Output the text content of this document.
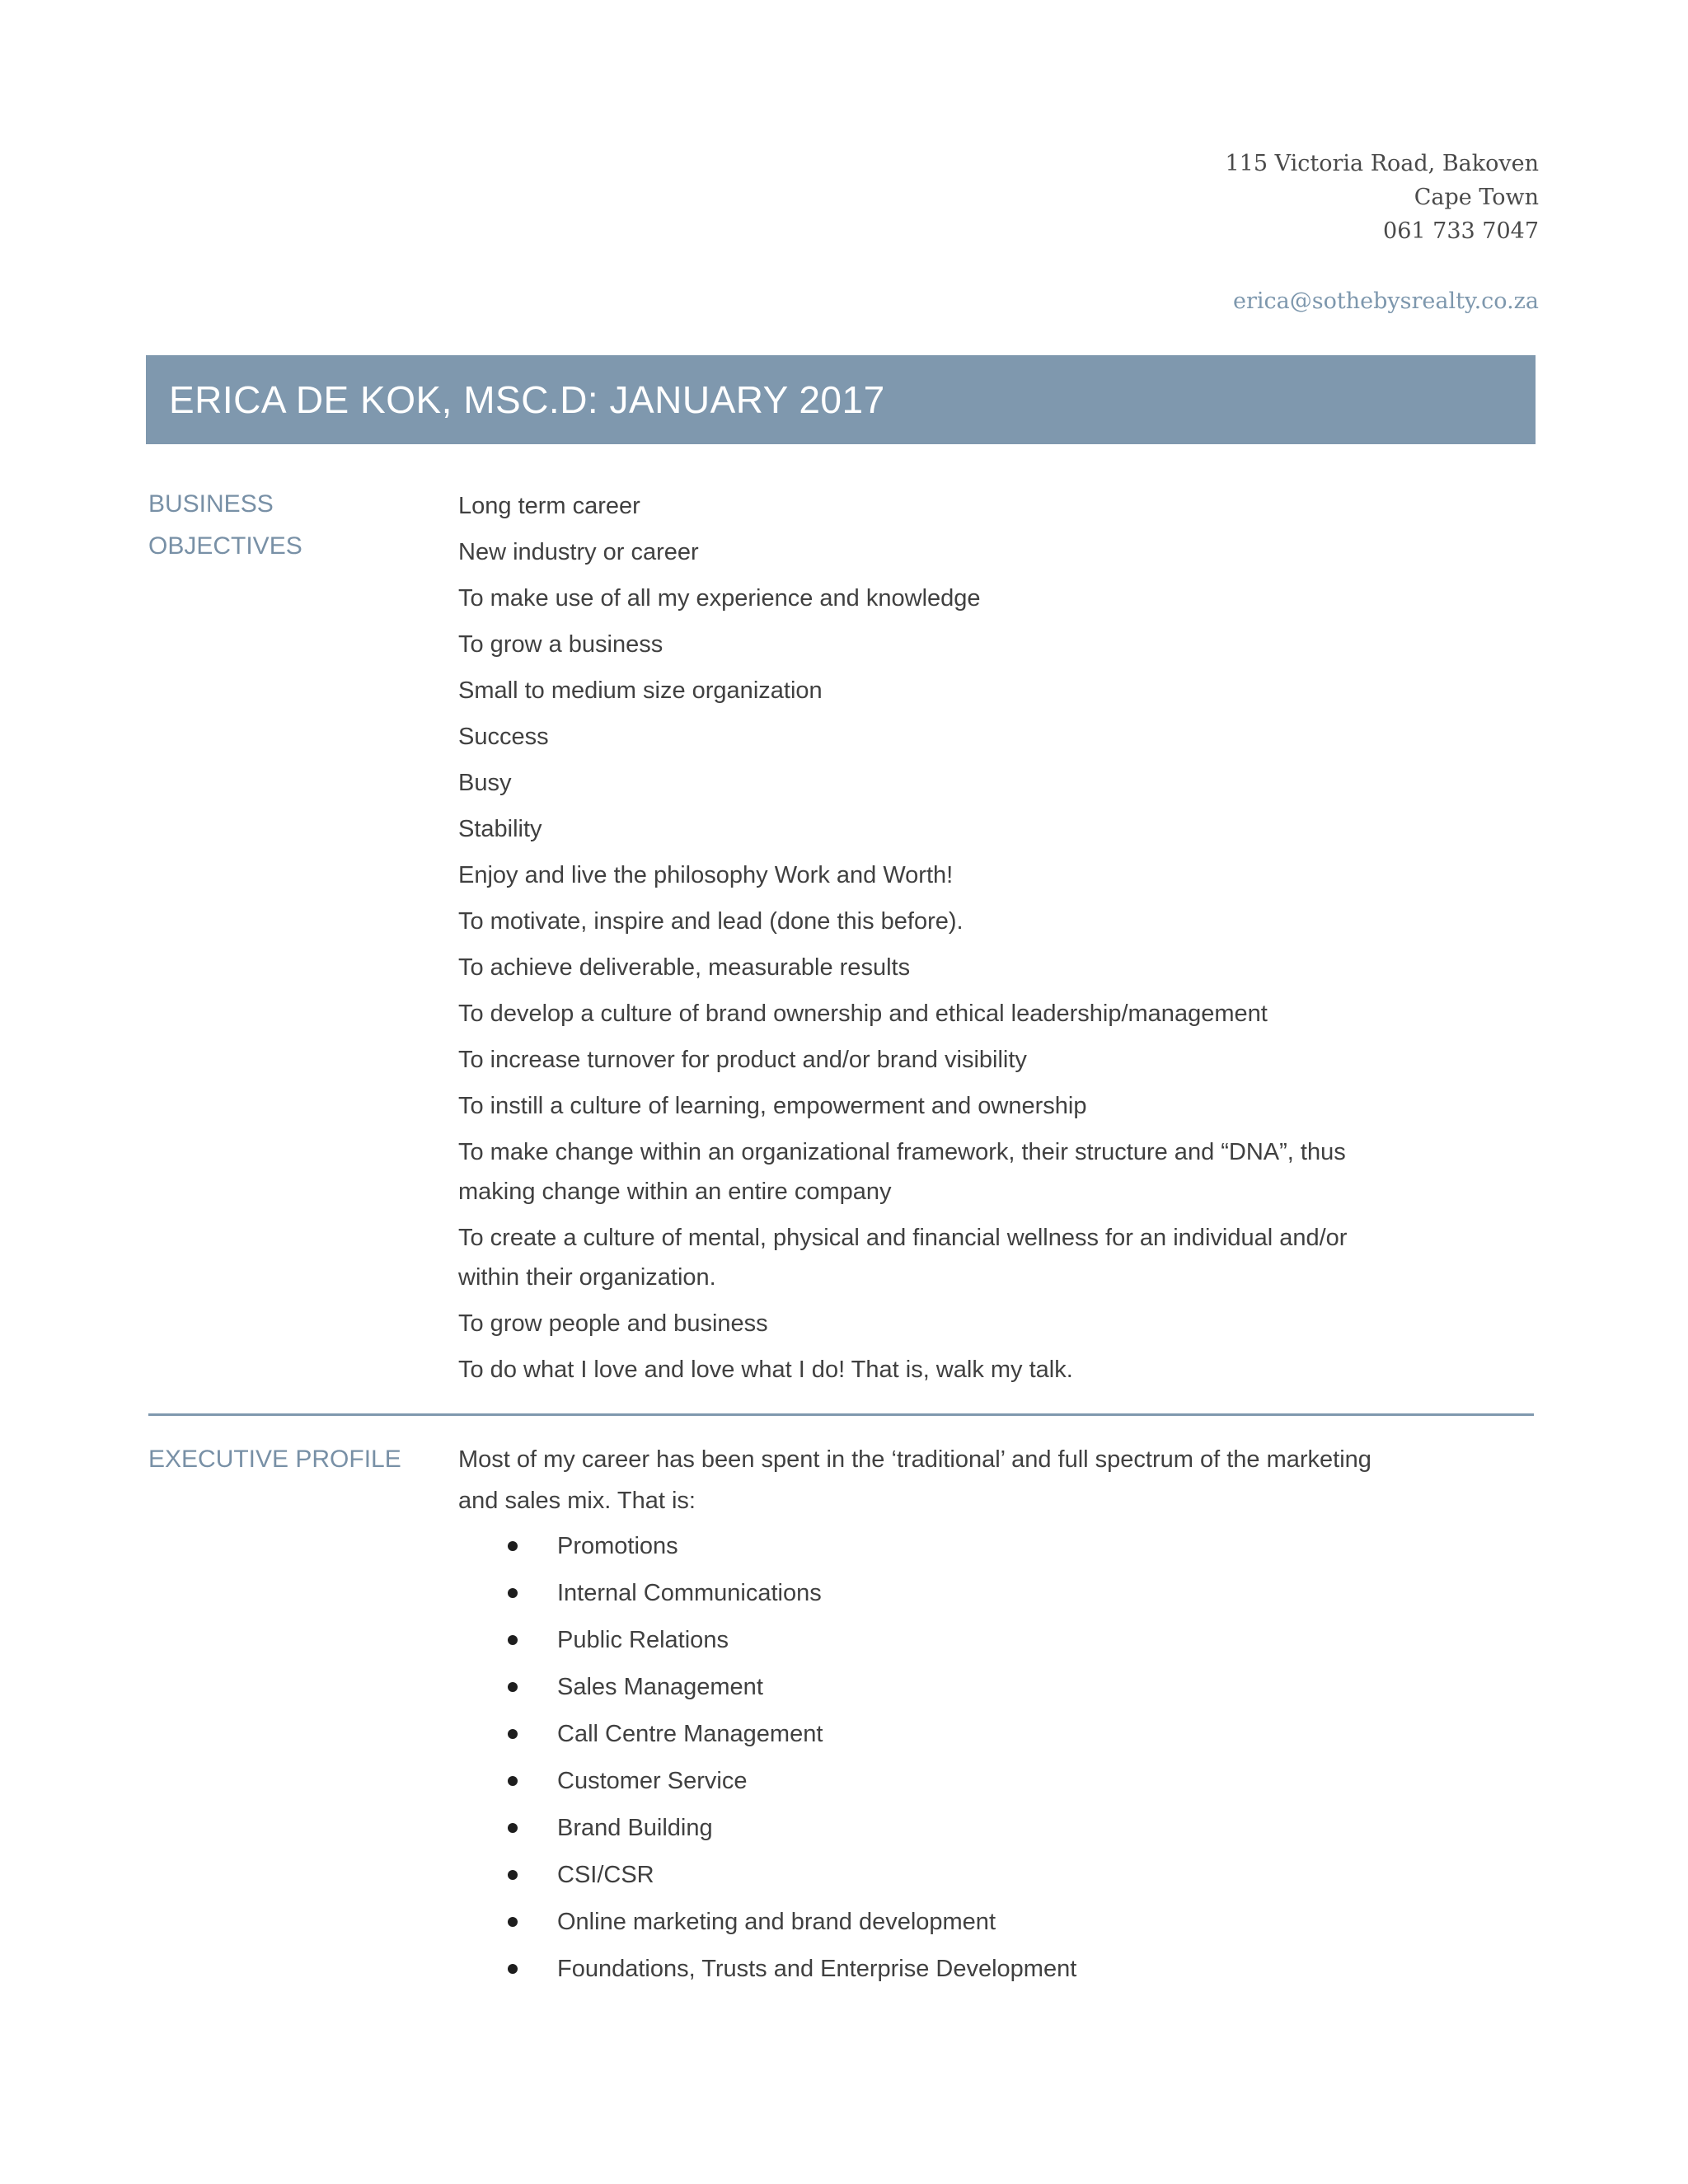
115 Victoria Road, Bakoven
Cape Town
061 733 7047
erica@sothebysrealty.co.za
ERICA DE KOK, MSC.D: JANUARY 2017
BUSINESS
OBJECTIVES
Long term career
New industry or career
To make use of all my experience and knowledge
To grow a business
Small to medium size organization
Success
Busy
Stability
Enjoy and live the philosophy Work and Worth!
To motivate, inspire and lead (done this before).
To achieve deliverable, measurable results
To develop a culture of brand ownership and ethical leadership/management
To increase turnover for product and/or brand visibility
To instill a culture of learning, empowerment and ownership
To make change within an organizational framework, their structure and “DNA”, thus making change within an entire company
To create a culture of mental, physical and financial wellness for an individual and/or within their organization.
To grow people and business
To do what I love and love what I do! That is, walk my talk.
EXECUTIVE PROFILE Most of my career has been spent in the ‘traditional’ and full spectrum of the marketing and sales mix. That is:

Promotions
Internal Communications
Public Relations
Sales Management
Call Centre Management
Customer Service
Brand Building
CSI/CSR
Online marketing and brand development
Foundations, Trusts and Enterprise Development
